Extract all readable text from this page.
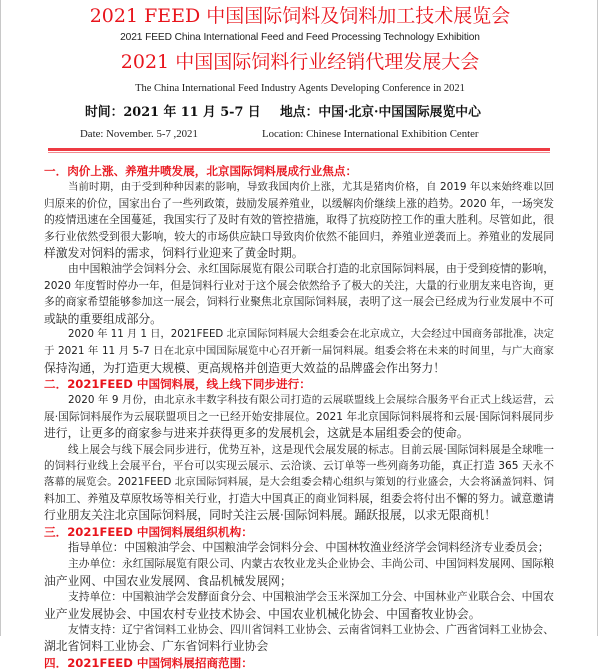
2021 FEED 中国国际饲料及饲料加工技术展览会
2021 FEED China International Feed and Feed Processing Technology Exhibition
2021 中国国际饲料行业经销代理发展大会
The China International Feed Industry Agents Developing Conference in 2021
时间：2021 年 11 月 5-7 日 地点：中国·北京·中国国际展览中心
Date: November. 5-7 ,2021	Location: Chinese International Exhibition Center
一．肉价上涨、养殖井喷发展，北京国际饲料展成行业焦点：
当前时期，由于受到种种因素的影响，导致我国肉价上涨，尤其是猪肉价格，自 2019 年以来始终难以回
归原来的价位，国家出台了一些列政策，鼓励发展养殖业，以缓解肉价继续上涨的趋势。2020 年，一场突发
的疫情迅速在全国蔓延，我国实行了及时有效的管控措施，取得了抗疫防控工作的重大胜利。尽管如此，很
多行业依然受到很大影响，较大的市场供应缺口导致肉价依然不能回归，养殖业逆袭而上。养殖业的发展同
样激发对饲料的需求，饲料行业迎来了黄金时期。
由中国粮油学会饲料分会、永红国际展览有限公司联合打造的北京国际饲料展，由于受到疫情的影响，
2020 年度暂时停办一年，但是饲料行业对于这个展会依然给予了极大的关注，大量的行业朋友来电咨询，更
多的商家希望能够参加这一展会，饲料行业聚焦北京国际饲料展，表明了这一展会已经成为行业发展中不可
或缺的重要组成部分。
2020 年 11 月 1 日，2021FEED 北京国际饲料展大会组委会在北京成立，大会经过中国商务部批准，决定
于 2021 年 11 月 5-7 日在北京中国国际展览中心召开新一届饲料展。组委会将在未来的时间里，与广大商家
保持沟通，为打造更大规模、更高规格并创造更大效益的品牌盛会作出努力！
二．2021FEED 中国饲料展，线上线下同步进行：
2020 年 9 月份，由北京永丰数字科技有限公司打造的云展联盟线上会展综合服务平台正式上线运营，云
展·国际饲料展作为云展联盟项目之一已经开始安排展位。2021 年北京国际饲料展将和云展·国际饲料展同步
进行，让更多的商家参与进来并获得更多的发展机会，这就是本届组委会的使命。
线上展会与线下展会同步进行，优势互补，这是现代会展发展的标志。目前云展·国际饲料展是全球唯一
的饲料行业线上会展平台，平台可以实现云展示、云洽谈、云订单等一些列商务功能，真正打造 365 天永不
落幕的展览会。2021FEED 北京国际饲料展，是大会组委会精心组织与策划的行业盛会，大会将涵盖饲料、饲
料加工、养殖及草原牧场等相关行业，打造大中国真正的商业饲料展，组委会将付出不懈的努力。诚意邀请
行业朋友关注北京国际饲料展，同时关注云展·国际饲料展。踊跃报展，以求无限商机！
三．2021FEED 中国饲料展组织机构：
指导单位：中国粮油学会、中国粮油学会饲料分会、中国林牧渔业经济学会饲料经济专业委员会；
主办单位：永红国际展览有限公司、内蒙古农牧业龙头企业协会、丰尚公司、中国饲料发展网、国际粮
油产业网、中国农业发展网、食品机械发展网；
支持单位：中国粮油学会发酵面食分会、中国粮油学会玉米深加工分会、中国林业产业联合会、中国农
业产业发展协会、中国农村专业技术协会、中国农业机械化协会、中国畜牧业协会。
友情支持：辽宁省饲料工业协会、四川省饲料工业协会、云南省饲料工业协会、广西省饲料工业协会、
湖北省饲料工业协会、广东省饲料行业协会
四．2021FEED 中国饲料展招商范围：
